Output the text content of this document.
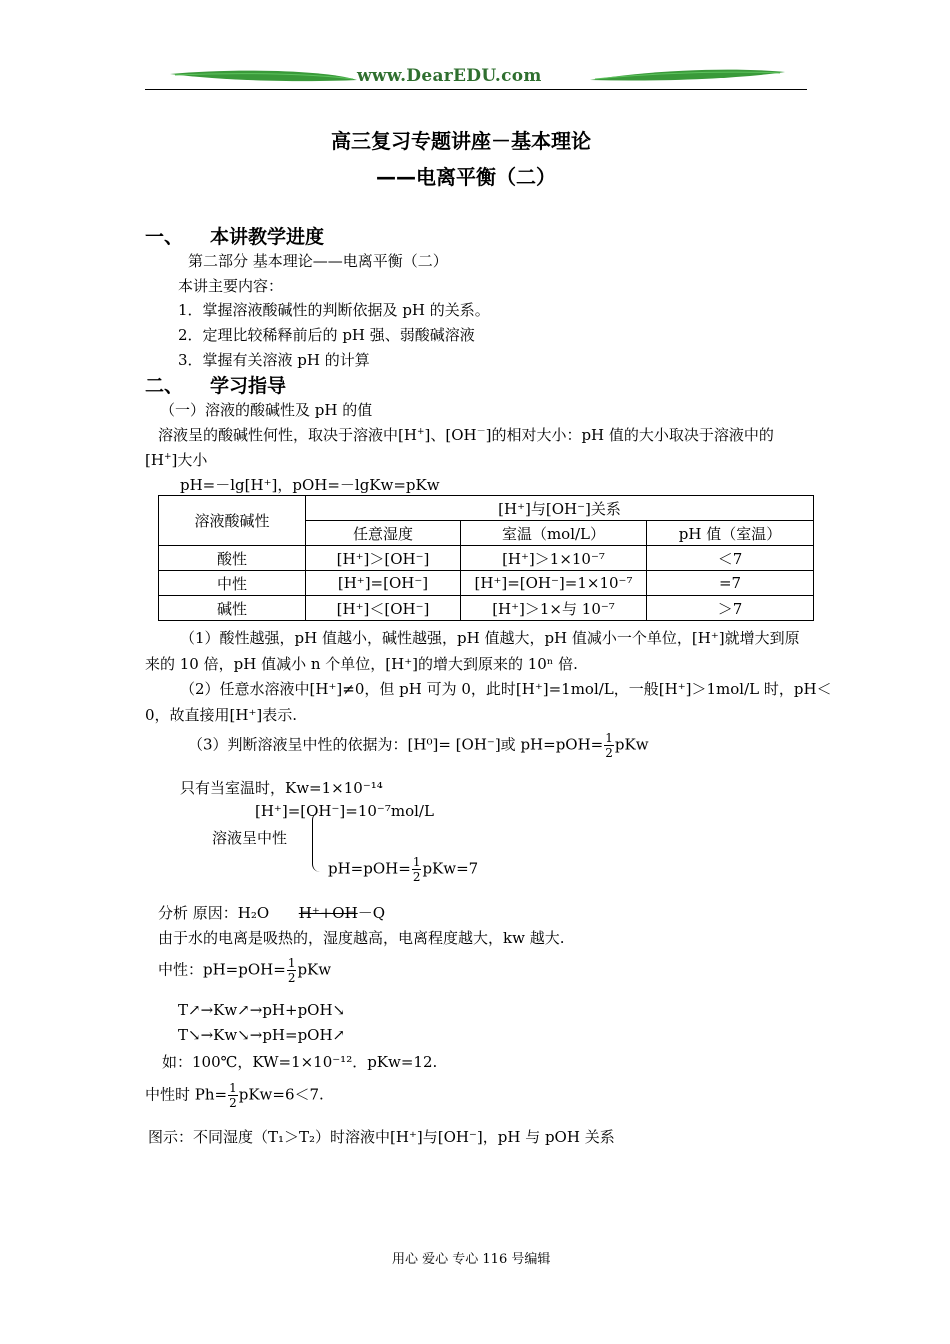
www.DearEDU.com
高三复习专题讲座－基本理论
——电离平衡（二）
一、 本讲教学进度
第二部分 基本理论——电离平衡（二）
本讲主要内容：
1．掌握溶液酸碱性的判断依据及 pH 的关系。
2．定理比较稀释前后的 pH 强、弱酸碱溶液
3．掌握有关溶液 pH 的计算
二、 学习指导
（一）溶液的酸碱性及 pH 的值
溶液呈的酸碱性何性，取决于溶液中[H+]、[OH－]的相对大小：pH 值的大小取决于溶液中的
[H+]大小
pH=－lg[H⁺]，pOH=－lgKw=pKw
溶液酸碱性	[H⁺]与[OH⁻]关系		
	任意湿度	室温（mol/L）	pH 值（室温）
酸性	[H⁺]＞[OH⁻]	[H⁺]＞1×10⁻⁷	＜7
中性	[H⁺]=[OH⁻]	[H⁺]=[OH⁻]=1×10⁻⁷	=7
碱性	[H⁺]＜[OH⁻]	[H⁺]＞1×与 10⁻⁷	＞7
（1）酸性越强，pH 值越小，碱性越强，pH 值越大，pH 值减小一个单位，[H⁺]就增大到原
来的 10 倍，pH 值减小 n 个单位，[H⁺]的增大到原来的 10ⁿ 倍.
（2）任意水溶液中[H⁺]≠0，但 pH 可为 0，此时[H⁺]=1mol/L，一般[H⁺]＞1mol/L 时，pH＜
0，故直接用[H⁺]表示.
（3）判断溶液呈中性的依据为：[H⁰]= [OH⁻]或 $pH=pOH= \frac{1}{2}$ pKw
只有当室温时，Kw=1×10⁻¹⁴
[H⁺]=[OH⁻]=10⁻⁷mol/L
溶液呈中性
$pH=pOH= \frac{1}{2} pKw=7$
分析 原因：H₂O H⁺+OH－Q
由于水的电离是吸热的，湿度越高，电离程度越大，kw 越大.
中性：$pH=pOH= \frac{1}{2}$ pKw
T↗→Kw↗→pH+pOH↘
T↘→Kw↘→pH=pOH↗
如：100℃，KW=1×10⁻¹²．pKw=12.
中性时 $Ph= \frac{1}{2} pKw=6<7$.
图示：不同湿度（T₁＞T₂）时溶液中[H⁺]与[OH⁻]，pH 与 pOH 关系
用心 爱心 专心 116 号编辑
